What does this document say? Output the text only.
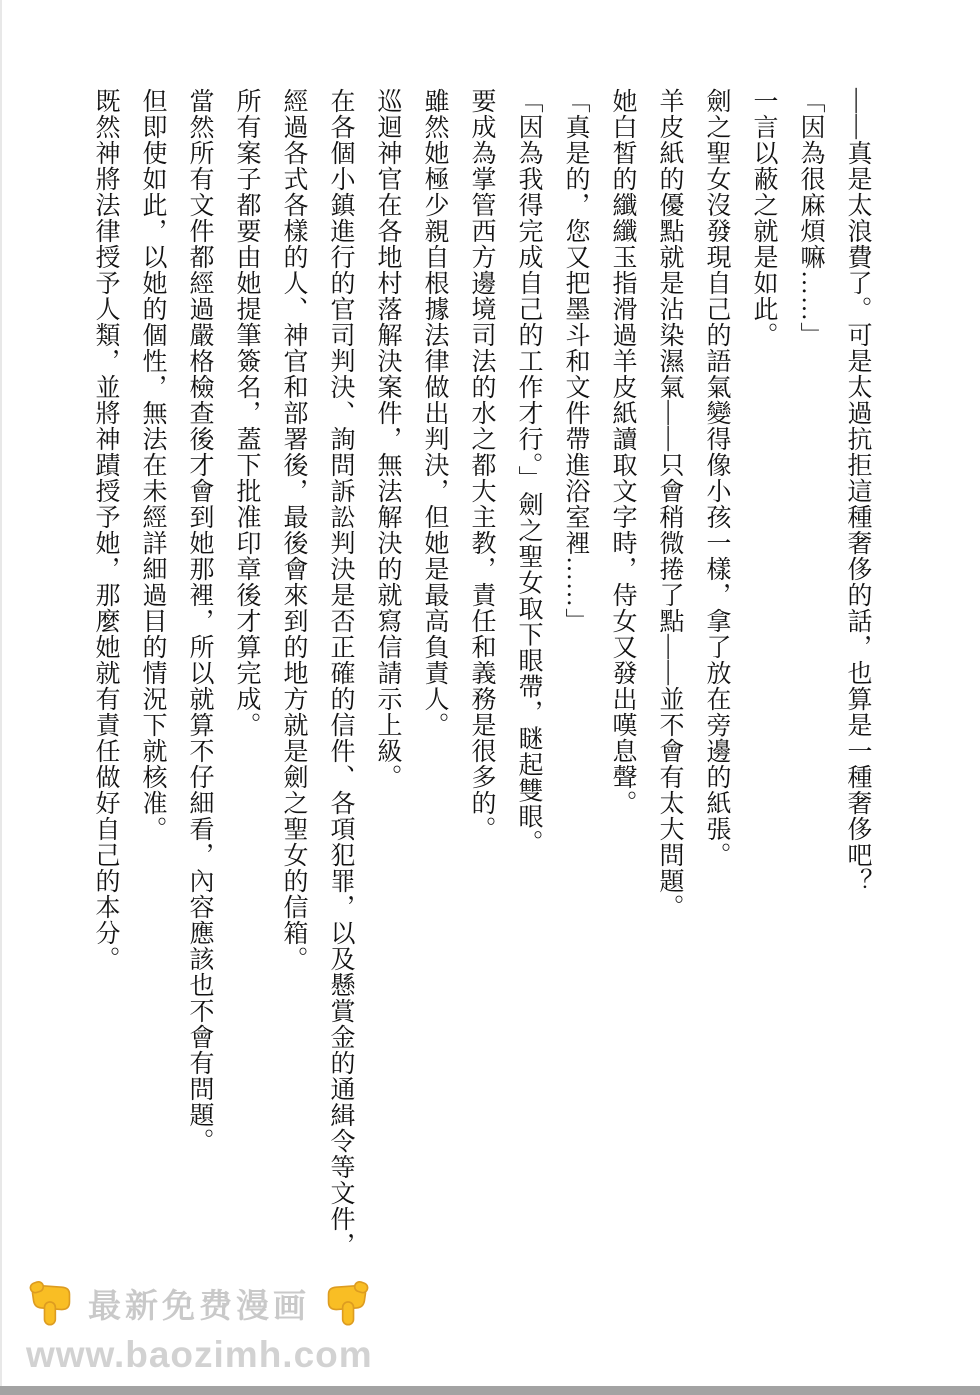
——真是太浪費了。可是太過抗拒這種奢侈的話，也算是一種奢侈吧？

「因為很麻煩嘛……」

一言以蔽之就是如此。

劍之聖女沒發現自己的語氣變得像小孩一樣，拿了放在旁邊的紙張。

羊皮紙的優點就是沾染濕氣——只會稍微捲了點——並不會有太大問題。

她白皙的纖纖玉指滑過羊皮紙讀取文字時，侍女又發出嘆息聲。

「真是的，您又把墨斗和文件帶進浴室裡……」

「因為我得完成自己的工作才行。」劍之聖女取下眼帶，瞇起雙眼。

要成為掌管西方邊境司法的水之都大主教，責任和義務是很多的。

雖然她極少親自根據法律做出判決，但她是最高負責人。

巡迴神官在各地村落解決案件，無法解決的就寫信請示上級。

在各個小鎮進行的官司判決、詢問訴訟判決是否正確的信件、各項犯罪，以及懸賞金的通緝令等文件，

經過各式各樣的人、神官和部署後，最後會來到的地方就是劍之聖女的信箱。

所有案子都要由她提筆簽名，蓋下批准印章後才算完成。

當然所有文件都經過嚴格檢查後才會到她那裡，所以就算不仔細看，內容應該也不會有問題。

但即使如此，以她的個性，無法在未經詳細過目的情況下就核准。

既然神將法律授予人類，並將神蹟授予她，那麼她就有責任做好自己的本分。

最新免费漫画
www.baozimh.com
